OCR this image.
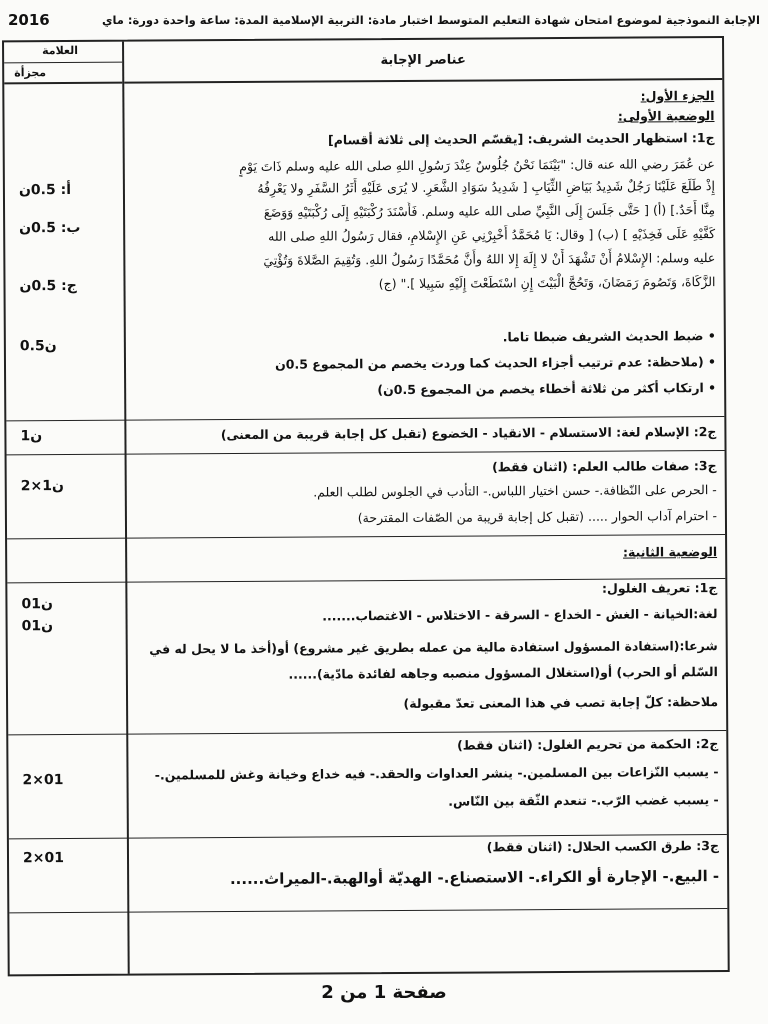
2016	الإجابة النموذجية لموضوع امتحان شهادة التعليم المتوسط اختبار مادة: التربية الإسلامية المدة: ساعة واحدة دورة: ماي
العلامة
مجزأة
عناصر الإجابة
أ: 0.5ن
ب: 0.5ن
ج: 0.5ن
0.5ن
1ن
2×1ن
01ن
01ن
2×01
2×01
الجزء الأول:
الوضعية الأولى:
ج1: استظهار الحديث الشريف: [يقسّم الحديث إلى ثلاثة أقسام]
عن عُمَرَ رضي الله عنه قال: "بَيْنَمَا نَحْنُ جُلُوسٌ عِنْدَ رَسُولِ اللهِ صلى الله عليه وسلم ذَاتَ يَوْمٍ
إِذْ طَلَعَ عَلَيْنَا رَجُلٌ شَدِيدُ بَيَاضِ الثِّيَابِ [ شَدِيدُ سَوَادِ الشَّعَرِ. لا يُرَى عَلَيْهِ أَثَرُ السَّفَرِ ولا يَعْرِفُهُ
مِنَّا أَحَدٌ.] (أ) [ حَتَّى جَلَسَ إِلَى النَّبِيِّ صلى الله عليه وسلم. فَأَسْنَدَ رُكْبَتَيْهِ إِلَى رُكْبَتَيْهِ وَوَضَعَ
كَفَّيْهِ عَلَى فَخِذَيْهِ ] (ب) [ وقال: يَا مُحَمَّدُ أَخْبِرْنِي عَنِ الإِسْلامِ، فقال رَسُولُ اللهِ صلى الله
عليه وسلم: الإِسْلامُ أَنْ تَشْهَدَ أَنْ لا إِلَهَ إِلا اللهُ وأَنَّ مُحَمَّدًا رَسُولُ اللهِ. وَتُقِيمَ الصَّلاةَ وَتُؤْتِيَ
الزَّكَاةَ، وَتَصُومَ رَمَضَانَ، وَتَحُجَّ الْبَيْتَ إِنِ اسْتَطَعْتَ إِلَيْهِ سَبِيلا ]." (ج)
• ضبط الحديث الشريف ضبطا تاما.
• (ملاحظة: عدم ترتيب أجزاء الحديث كما وردت يخصم من المجموع 0.5ن
• ارتكاب أكثر من ثلاثة أخطاء يخصم من المجموع 0.5ن)
ج2: الإسلام لغة: الاستسلام - الانقياد - الخضوع (تقبل كل إجابة قريبة من المعنى)
ج3: صفات طالب العلم: (اثنان فقط)
- الحرص على النّظافة.- حسن اختيار اللباس.- التأدب في الجلوس لطلب العلم.
- احترام آداب الحوار ..... (تقبل كل إجابة قريبة من الصّفات المقترحة)
الوضعية الثانية:
ج1: تعريف الغلول:
لغة:الخيانة - الغش - الخداع - السرقة - الاختلاس - الاغتصاب.......
شرعا:(استفادة المسؤول استفادة مالية من عمله بطريق غير مشروع) أو(أخذ ما لا يحل له في
السّلم أو الحرب) أو(استغلال المسؤول منصبه وجاهه لفائدة مادّية)......
ملاحظة: كلّ إجابة تصب في هذا المعنى تعدّ مقبولة)
ج2: الحكمة من تحريم الغلول: (اثنان فقط)
- يسبب النّزاعات بين المسلمين.- ينشر العداوات والحقد.- فيه خداع وخيانة وغش للمسلمين.-
- يسبب غضب الرّب.- تنعدم الثّقة بين النّاس.
ج3: طرق الكسب الحلال: (اثنان فقط)
- البيع.- الإجارة أو الكراء.- الاستصناع.- الهديّة أوالهبة.-الميراث......
صفحة 1 من 2
